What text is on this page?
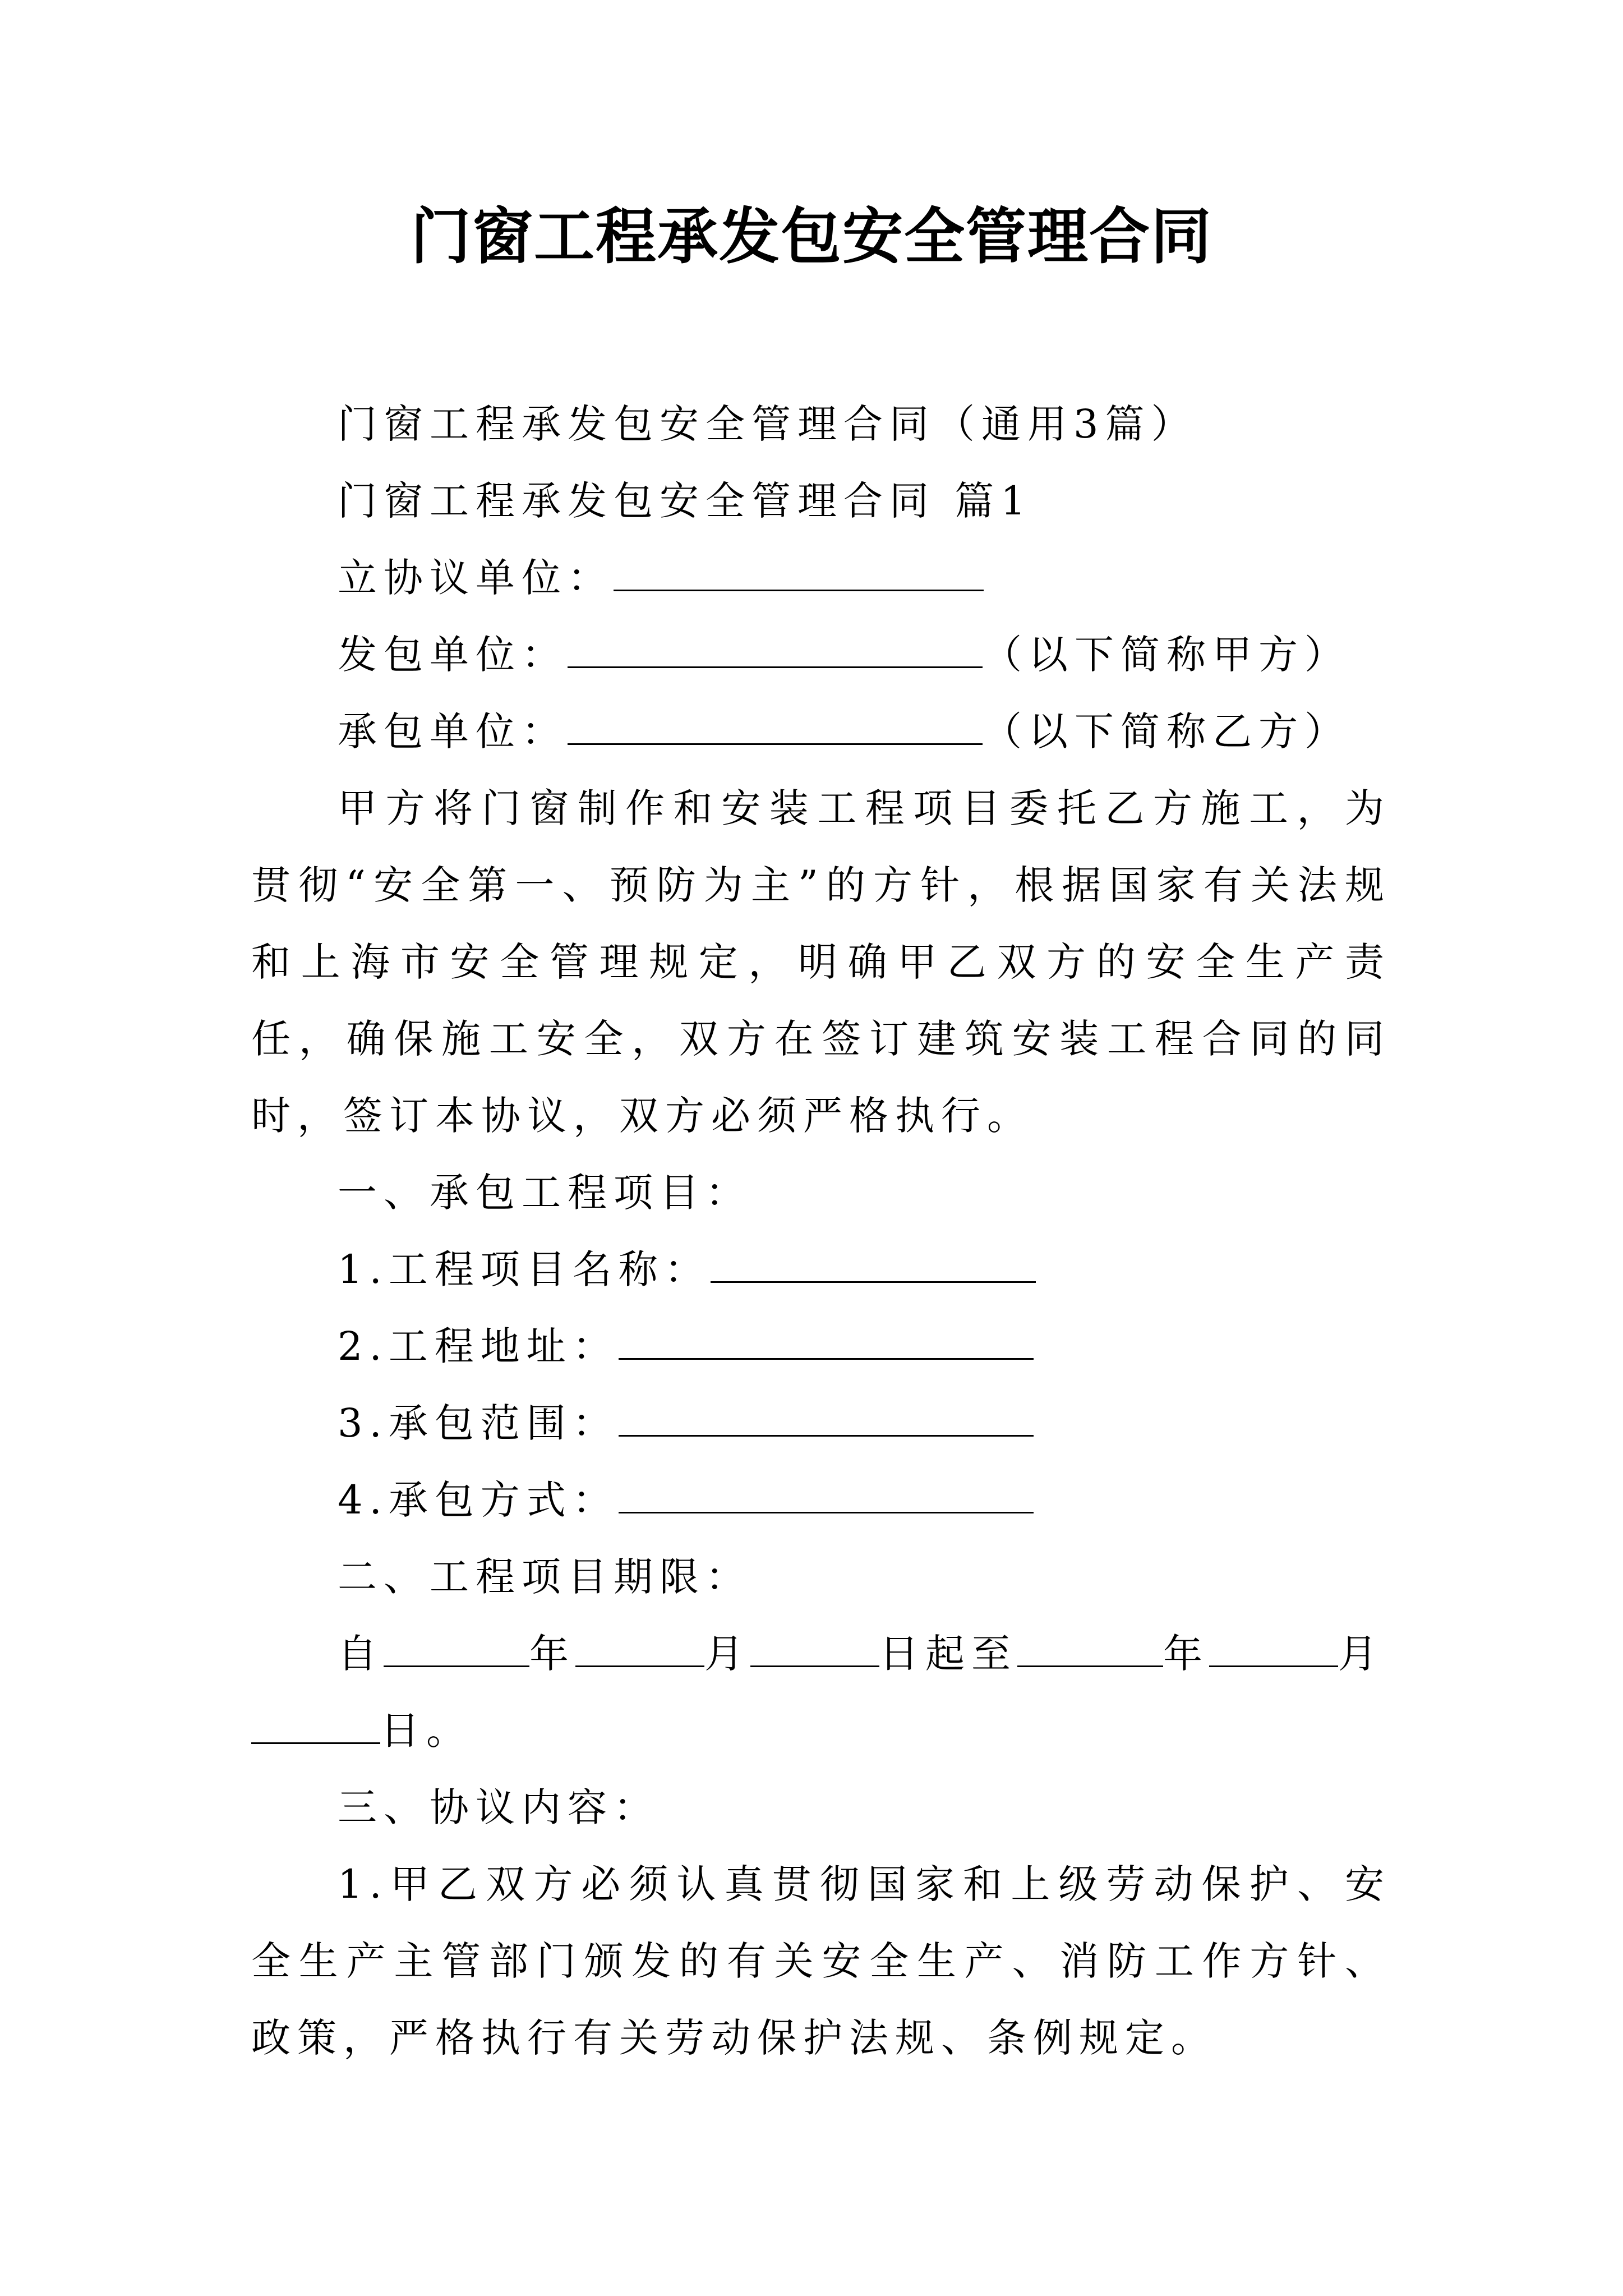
门窗工程承发包安全管理合同
门窗工程承发包安全管理合同（通用3篇）
门窗工程承发包安全管理合同 篇1
立协议单位：
发包单位：	（以下简称甲方）
承包单位：	（以下简称乙方）
甲方将门窗制作和安装工程项目委托乙方施工，为贯彻“安全第一、预防为主”的方针，根据国家有关法规和上海市安全管理规定，明确甲乙双方的安全生产责任，确保施工安全，双方在签订建筑安装工程合同的同时，签订本协议，双方必须严格执行。
一、承包工程项目：
1.工程项目名称：
2.工程地址：
3.承包范围：
4.承包方式：
二、工程项目期限：
自	年	月	日起至	年	月
日。
三、协议内容：
1.甲乙双方必须认真贯彻国家和上级劳动保护、安全生产主管部门颁发的有关安全生产、消防工作方针、政策，严格执行有关劳动保护法规、条例规定。
